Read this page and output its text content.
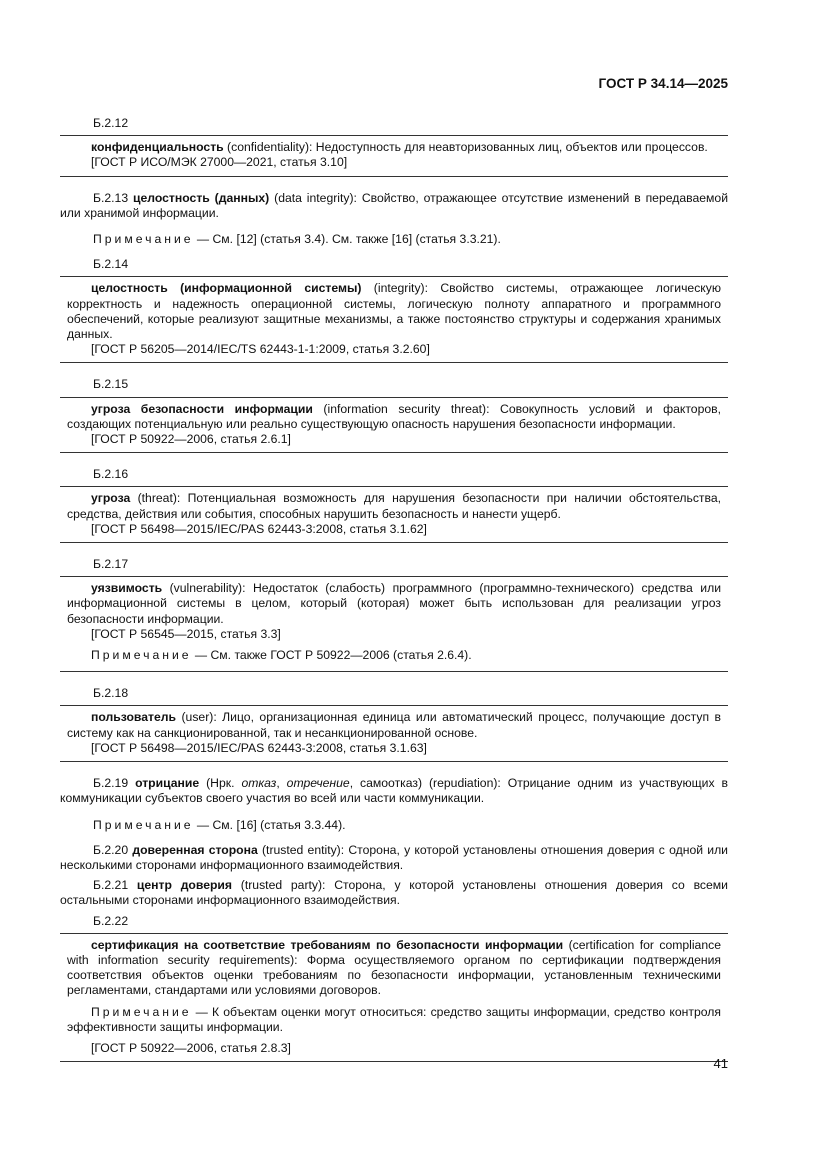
ГОСТ Р 34.14—2025
Б.2.12

конфиденциальность (confidentiality): Недоступность для неавторизованных лиц, объектов или процессов.

[ГОСТ Р ИСО/МЭК 27000—2021, статья 3.10]

Б.2.13 целостность (данных) (data integrity): Свойство, отражающее отсутствие изменений в передаваемой или хранимой информации.

Примечание — См. [12] (статья 3.4). См. также [16] (статья 3.3.21).

Б.2.14

целостность (информационной системы) (integrity): Свойство системы, отражающее логическую корректность и надежность операционной системы, логическую полноту аппаратного и программного обеспечений, которые реализуют защитные механизмы, а также постоянство структуры и содержания хранимых данных.

[ГОСТ Р 56205—2014/IEC/TS 62443-1-1:2009, статья 3.2.60]

Б.2.15

угроза безопасности информации (information security threat): Совокупность условий и факторов, создающих потенциальную или реально существующую опасность нарушения безопасности информации.

[ГОСТ Р 50922—2006, статья 2.6.1]

Б.2.16

угроза (threat): Потенциальная возможность для нарушения безопасности при наличии обстоятельства, средства, действия или события, способных нарушить безопасность и нанести ущерб.

[ГОСТ Р 56498—2015/IEC/PAS 62443-3:2008, статья 3.1.62]

Б.2.17

уязвимость (vulnerability): Недостаток (слабость) программного (программно-технического) средства или информационной системы в целом, который (которая) может быть использован для реализации угроз безопасности информации.

[ГОСТ Р 56545—2015, статья 3.3]

Примечание — См. также ГОСТ Р 50922—2006 (статья 2.6.4).

Б.2.18

пользователь (user): Лицо, организационная единица или автоматический процесс, получающие доступ в систему как на санкционированной, так и несанкционированной основе.

[ГОСТ Р 56498—2015/IEC/PAS 62443-3:2008, статья 3.1.63]

Б.2.19 отрицание (Нрк. отказ, отречение, самоотказ) (repudiation): Отрицание одним из участвующих в коммуникации субъектов своего участия во всей или части коммуникации.

Примечание — См. [16] (статья 3.3.44).

Б.2.20 доверенная сторона (trusted entity): Сторона, у которой установлены отношения доверия с одной или несколькими сторонами информационного взаимодействия.

Б.2.21 центр доверия (trusted party): Сторона, у которой установлены отношения доверия со всеми остальными сторонами информационного взаимодействия.

Б.2.22

сертификация на соответствие требованиям по безопасности информации (certification for compliance with information security requirements): Форма осуществляемого органом по сертификации подтверждения соответствия объектов оценки требованиям по безопасности информации, установленным техническими регламентами, стандартами или условиями договоров.

Примечание — К объектам оценки могут относиться: средство защиты информации, средство контроля эффективности защиты информации.

[ГОСТ Р 50922—2006, статья 2.8.3]

41
